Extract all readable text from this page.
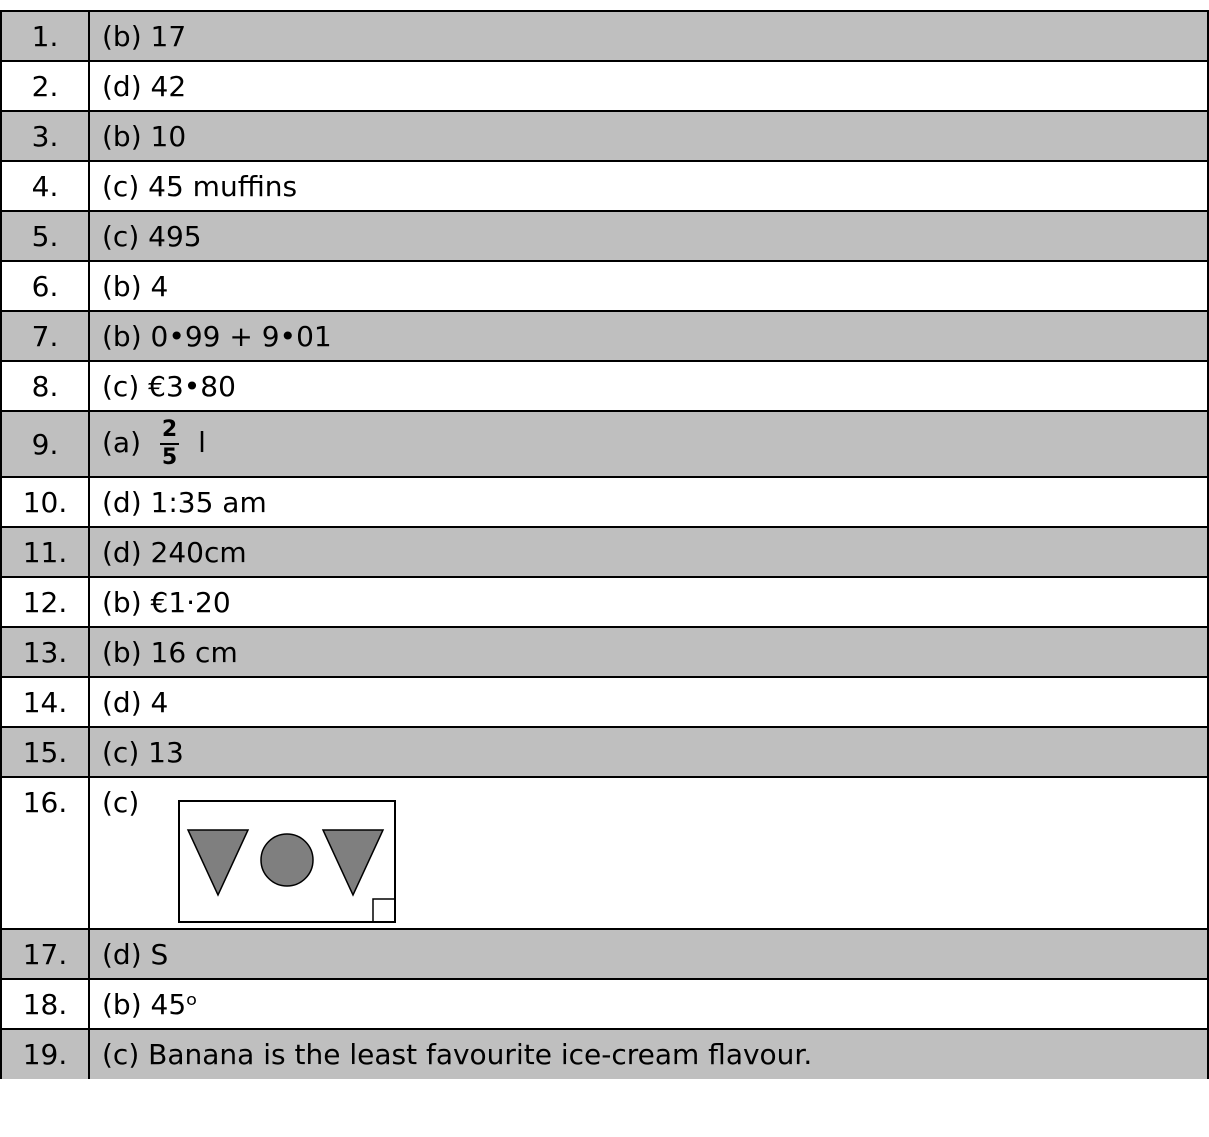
1.	(b) 17
2.	(d) 42
3.	(b) 10
4.	(c) 45 muffins
5.	(c) 495
6.	(b) 4
7.	(b) 0•99 + 9•01
8.	(c) €3•80
9.	$(a) \frac{2}{5}$ l
10.	(d) 1:35 am
11.	(d) 240cm
12.	(b) €1·20
13.	(b) 16 cm
14.	(d) 4
15.	(c) 13
16.	(c)

17.	(d) S
18.	(b) 45ᵒ
19.	(c) Banana is the least favourite ice-cream flavour.
